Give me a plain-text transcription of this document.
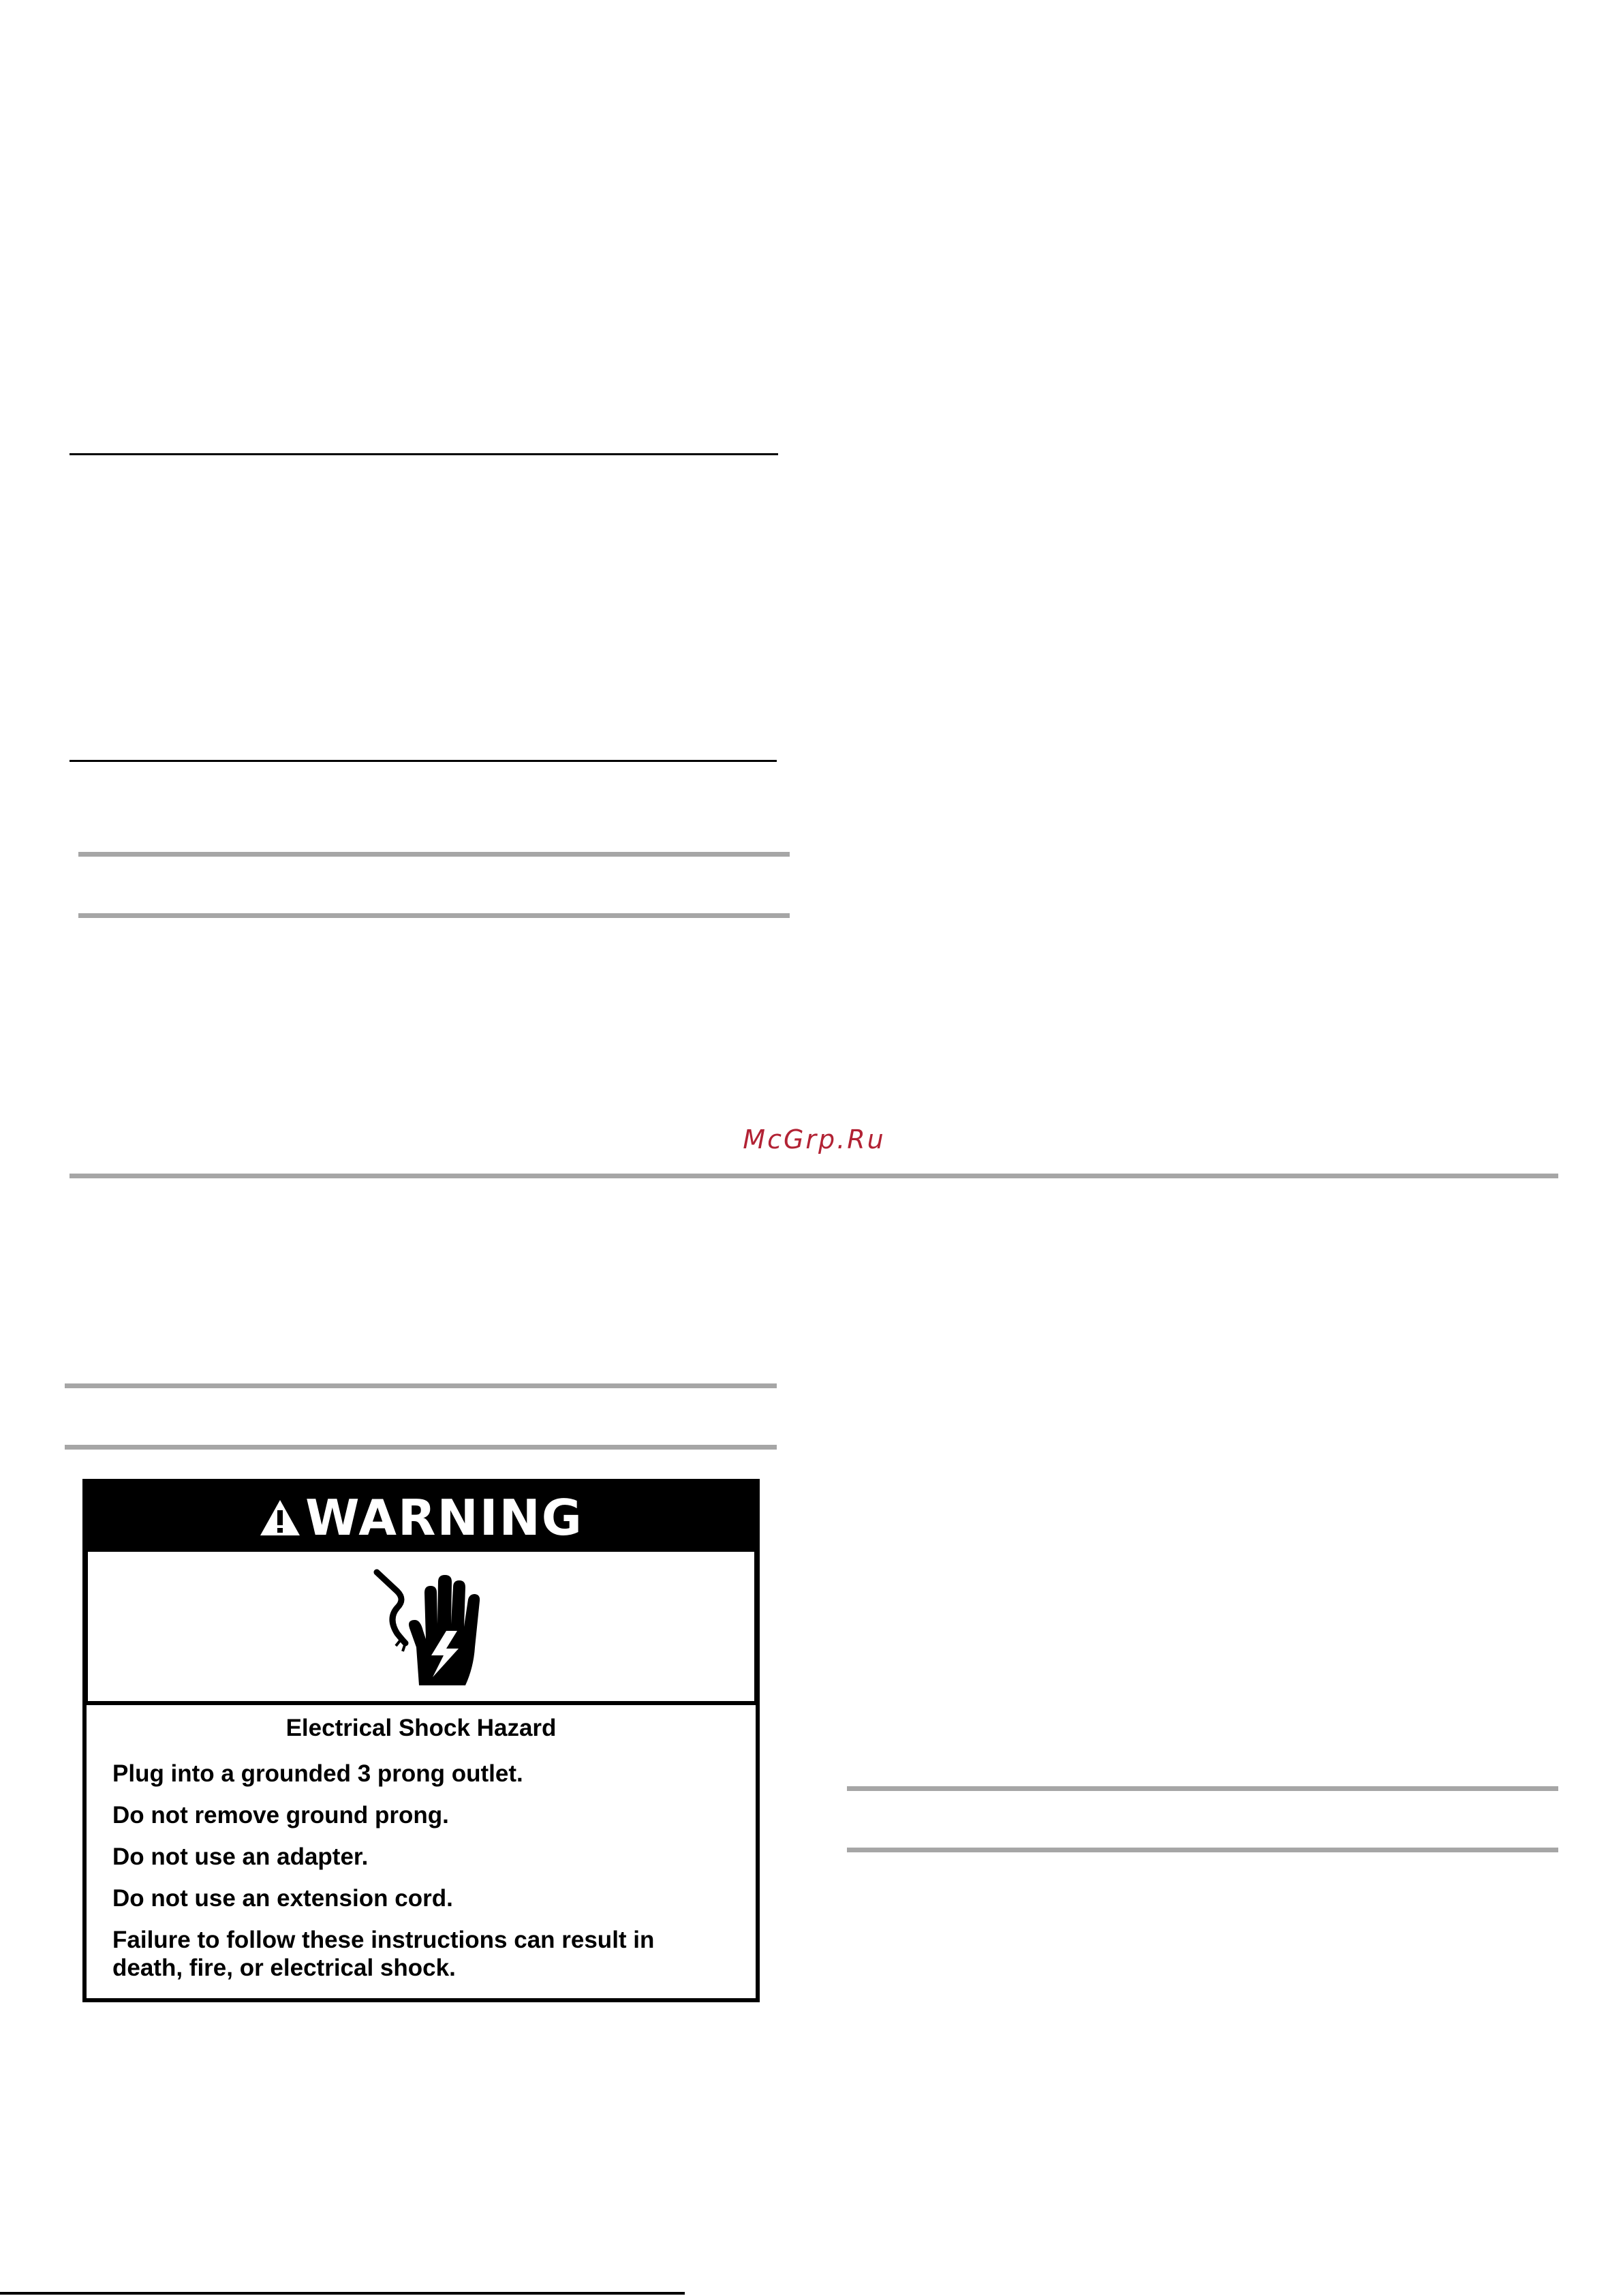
McGrp.Ru
WARNING

Electrical Shock Hazard

Plug into a grounded 3 prong outlet.

Do not remove ground prong.

Do not use an adapter.

Do not use an extension cord.

Failure to follow these instructions can result in death, fire, or electrical shock.
